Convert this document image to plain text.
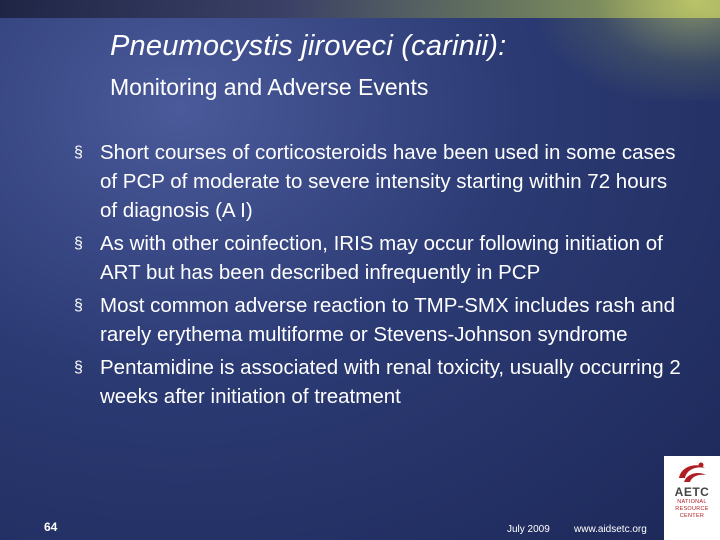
Pneumocystis jiroveci (carinii):
Monitoring and Adverse Events
§ Short courses of corticosteroids have been used in some cases of PCP of moderate to severe intensity starting within 72 hours of diagnosis (A I)
§ As with other coinfection, IRIS may occur following initiation of ART but has been described infrequently in PCP
§ Most common adverse reaction to TMP-SMX includes rash and rarely erythema multiforme or Stevens-Johnson syndrome
§ Pentamidine is associated with renal toxicity, usually occurring 2 weeks after initiation of treatment
64	July 2009 www.aidsetc.org
AETC
NATIONAL
RESOURCE
CENTER
